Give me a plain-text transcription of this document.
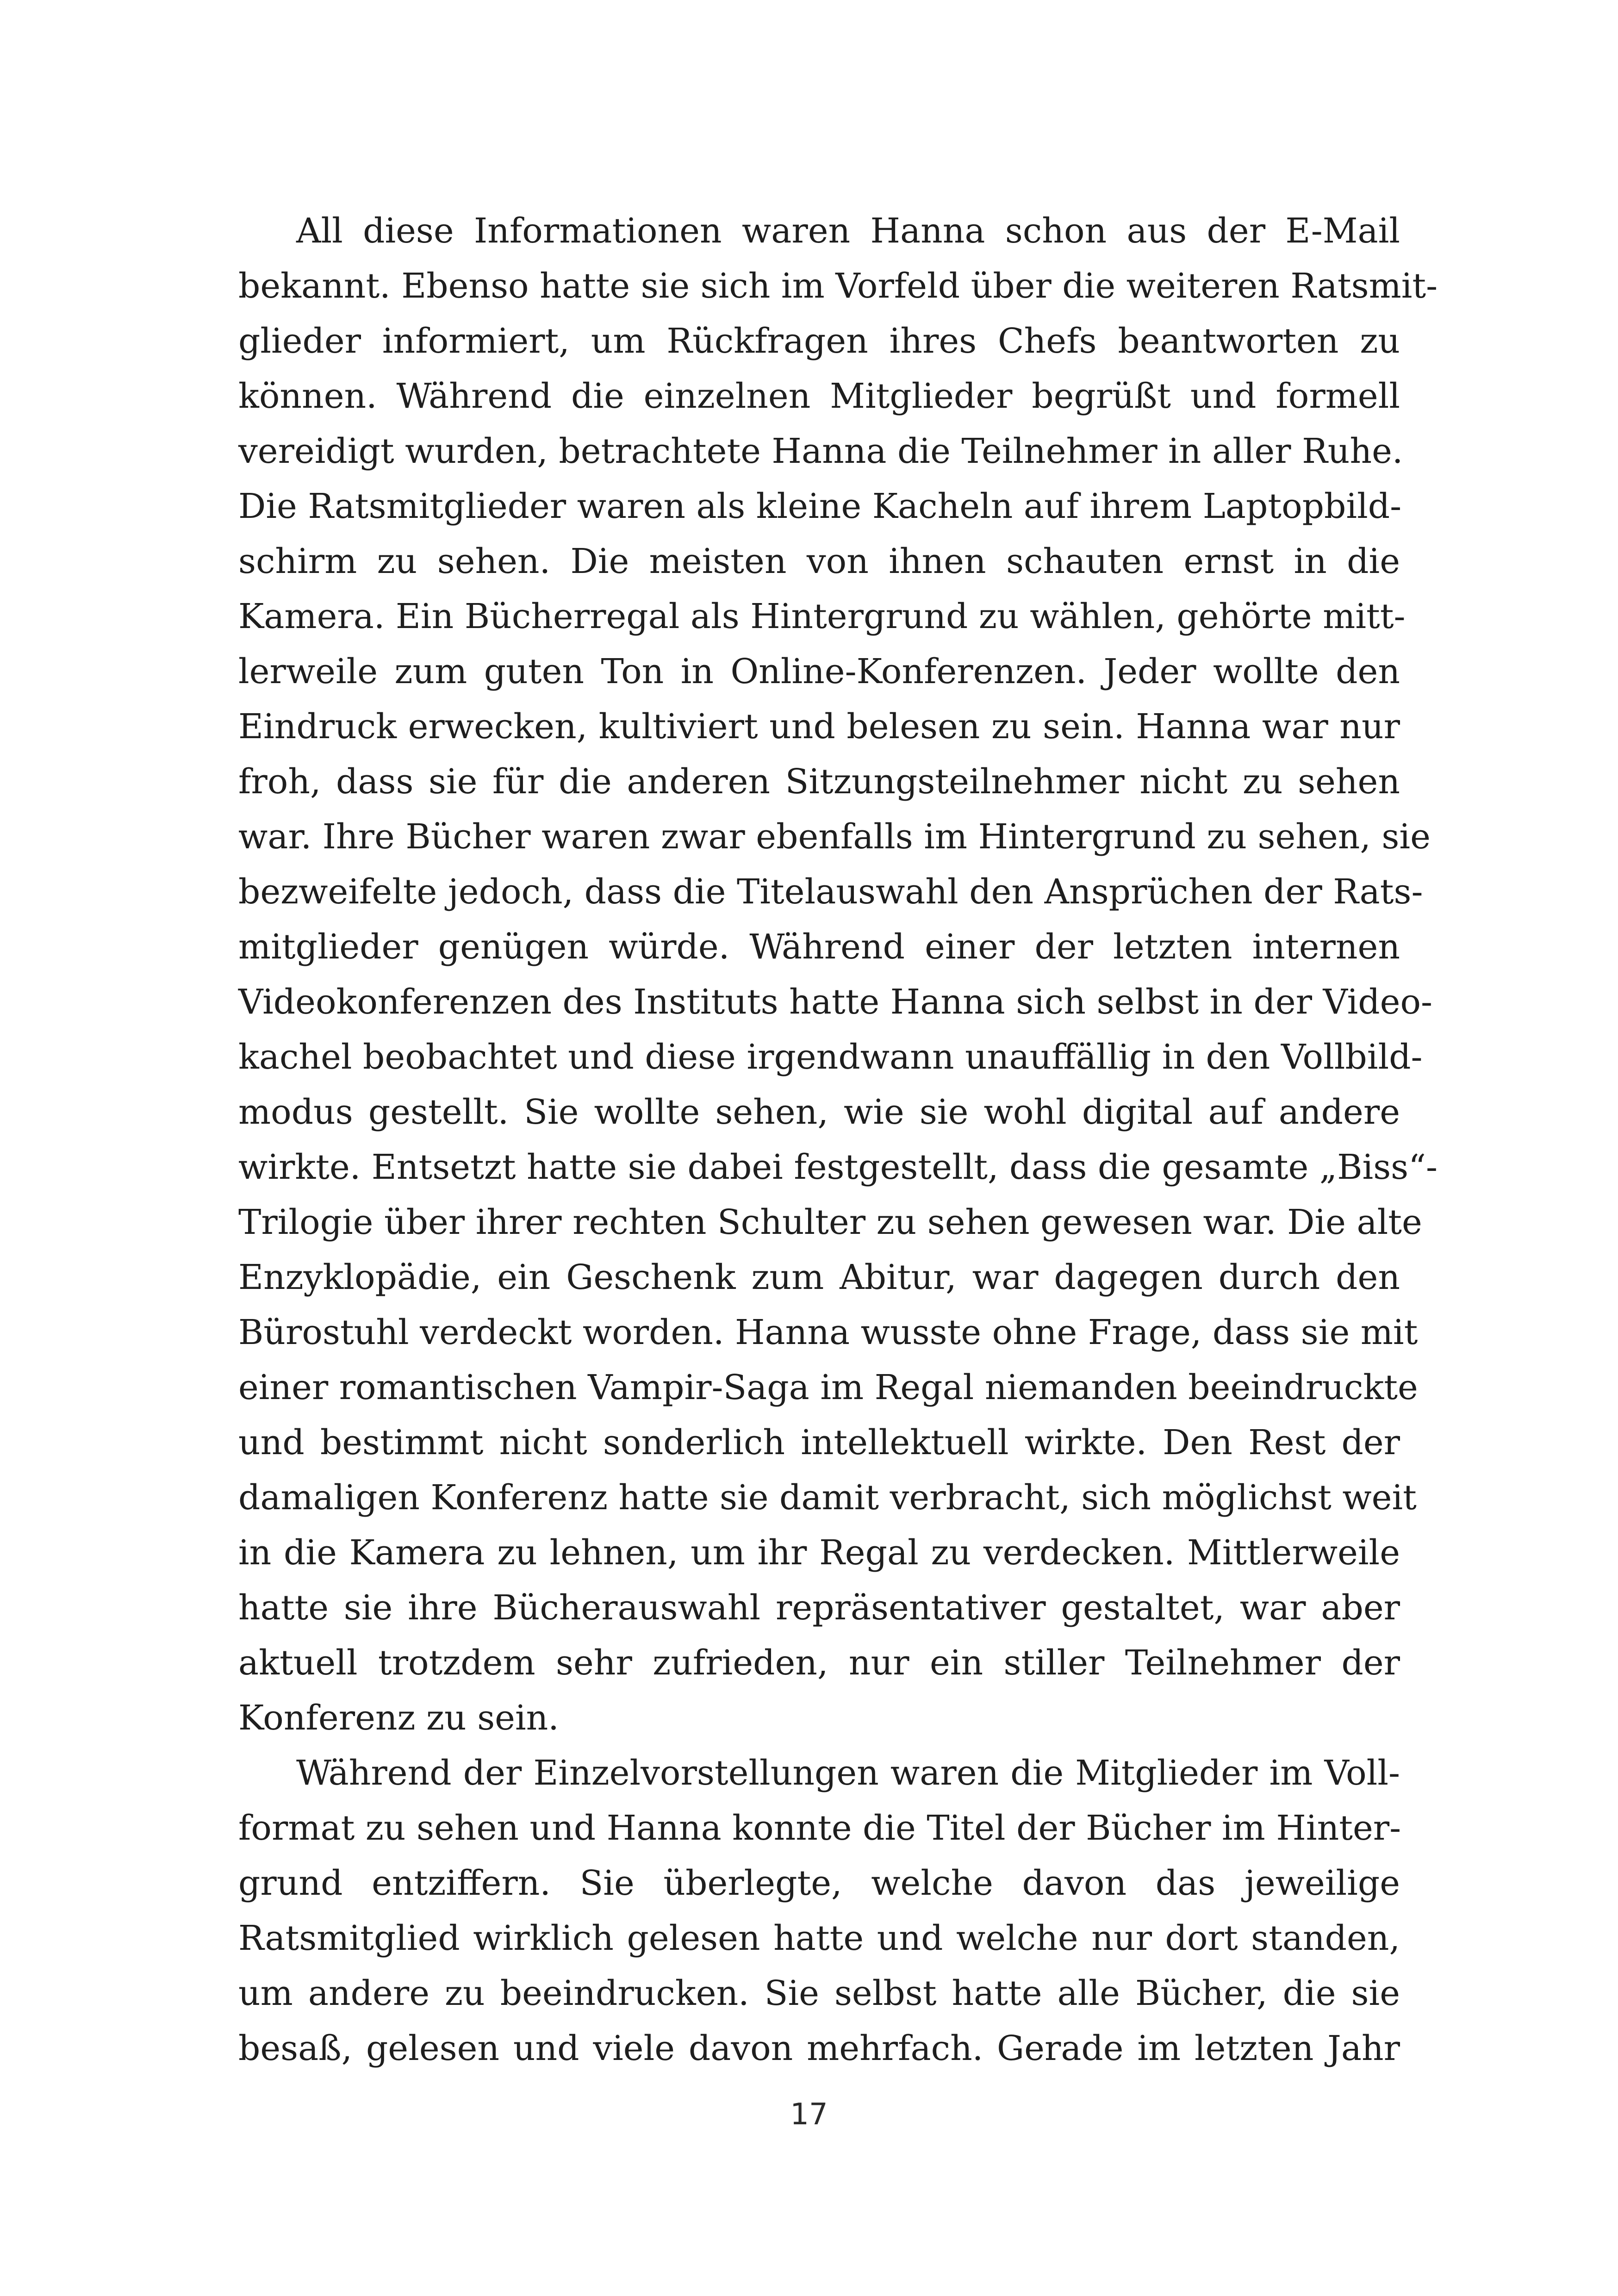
All diese Informationen waren Hanna schon aus der E-Mail
bekannt. Ebenso hatte sie sich im Vorfeld über die weiteren Ratsmit-
glieder informiert, um Rückfragen ihres Chefs beantworten zu
können. Während die einzelnen Mitglieder begrüßt und formell
vereidigt wurden, betrachtete Hanna die Teilnehmer in aller Ruhe.
Die Ratsmitglieder waren als kleine Kacheln auf ihrem Laptopbild-
schirm zu sehen. Die meisten von ihnen schauten ernst in die
Kamera. Ein Bücherregal als Hintergrund zu wählen, gehörte mitt-
lerweile zum guten Ton in Online-Konferenzen. Jeder wollte den
Eindruck erwecken, kultiviert und belesen zu sein. Hanna war nur
froh, dass sie für die anderen Sitzungsteilnehmer nicht zu sehen
war. Ihre Bücher waren zwar ebenfalls im Hintergrund zu sehen, sie
bezweifelte jedoch, dass die Titelauswahl den Ansprüchen der Rats-
mitglieder genügen würde. Während einer der letzten internen
Videokonferenzen des Instituts hatte Hanna sich selbst in der Video-
kachel beobachtet und diese irgendwann unauffällig in den Vollbild-
modus gestellt. Sie wollte sehen, wie sie wohl digital auf andere
wirkte. Entsetzt hatte sie dabei festgestellt, dass die gesamte „Biss“-
Trilogie über ihrer rechten Schulter zu sehen gewesen war. Die alte
Enzyklopädie, ein Geschenk zum Abitur, war dagegen durch den
Bürostuhl verdeckt worden. Hanna wusste ohne Frage, dass sie mit
einer romantischen Vampir-Saga im Regal niemanden beeindruckte
und bestimmt nicht sonderlich intellektuell wirkte. Den Rest der
damaligen Konferenz hatte sie damit verbracht, sich möglichst weit
in die Kamera zu lehnen, um ihr Regal zu verdecken. Mittlerweile
hatte sie ihre Bücherauswahl repräsentativer gestaltet, war aber
aktuell trotzdem sehr zufrieden, nur ein stiller Teilnehmer der
Konferenz zu sein.
Während der Einzelvorstellungen waren die Mitglieder im Voll-
format zu sehen und Hanna konnte die Titel der Bücher im Hinter-
grund entziffern. Sie überlegte, welche davon das jeweilige
Ratsmitglied wirklich gelesen hatte und welche nur dort standen,
um andere zu beeindrucken. Sie selbst hatte alle Bücher, die sie
besaß, gelesen und viele davon mehrfach. Gerade im letzten Jahr
17
